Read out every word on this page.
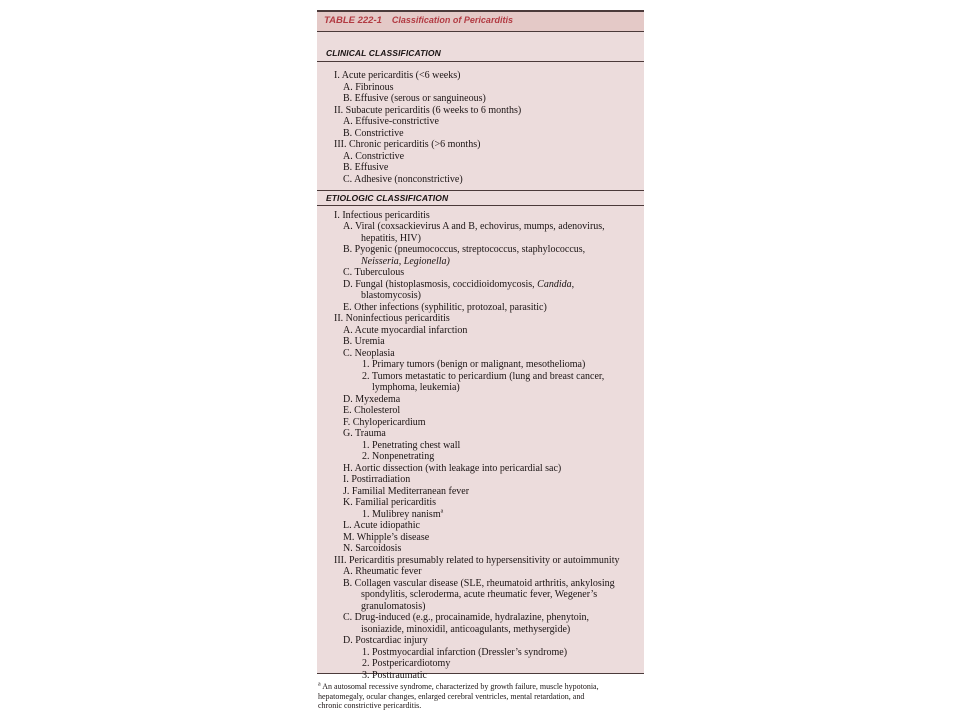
TABLE 222-1 Classification of Pericarditis
CLINICAL CLASSIFICATION
I. Acute pericarditis (<6 weeks)
A. Fibrinous
B. Effusive (serous or sanguineous)
II. Subacute pericarditis (6 weeks to 6 months)
A. Effusive-constrictive
B. Constrictive
III. Chronic pericarditis (>6 months)
A. Constrictive
B. Effusive
C. Adhesive (nonconstrictive)
ETIOLOGIC CLASSIFICATION
I. Infectious pericarditis
A. Viral (coxsackievirus A and B, echovirus, mumps, adenovirus,
hepatitis, HIV)
B. Pyogenic (pneumococcus, streptococcus, staphylococcus,
Neisseria, Legionella)
C. Tuberculous
D. Fungal (histoplasmosis, coccidioidomycosis, Candida,
blastomycosis)
E. Other infections (syphilitic, protozoal, parasitic)
II. Noninfectious pericarditis
A. Acute myocardial infarction
B. Uremia
C. Neoplasia
1. Primary tumors (benign or malignant, mesothelioma)
2. Tumors metastatic to pericardium (lung and breast cancer,
lymphoma, leukemia)
D. Myxedema
E. Cholesterol
F. Chylopericardium
G. Trauma
1. Penetrating chest wall
2. Nonpenetrating
H. Aortic dissection (with leakage into pericardial sac)
I. Postirradiation
J. Familial Mediterranean fever
K. Familial pericarditis
1. Mulibrey nanism$^a$
L. Acute idiopathic
M. Whipple’s disease
N. Sarcoidosis
III. Pericarditis presumably related to hypersensitivity or autoimmunity
A. Rheumatic fever
B. Collagen vascular disease (SLE, rheumatoid arthritis, ankylosing
spondylitis, scleroderma, acute rheumatic fever, Wegener’s
granulomatosis)
C. Drug-induced (e.g., procainamide, hydralazine, phenytoin,
isoniazide, minoxidil, anticoagulants, methysergide)
D. Postcardiac injury
1. Postmyocardial infarction (Dressler’s syndrome)
2. Postpericardiotomy
3. Posttraumatic
$^a$ An autosomal recessive syndrome, characterized by growth failure, muscle hypotonia,
hepatomegaly, ocular changes, enlarged cerebral ventricles, mental retardation, and
chronic constrictive pericarditis.
